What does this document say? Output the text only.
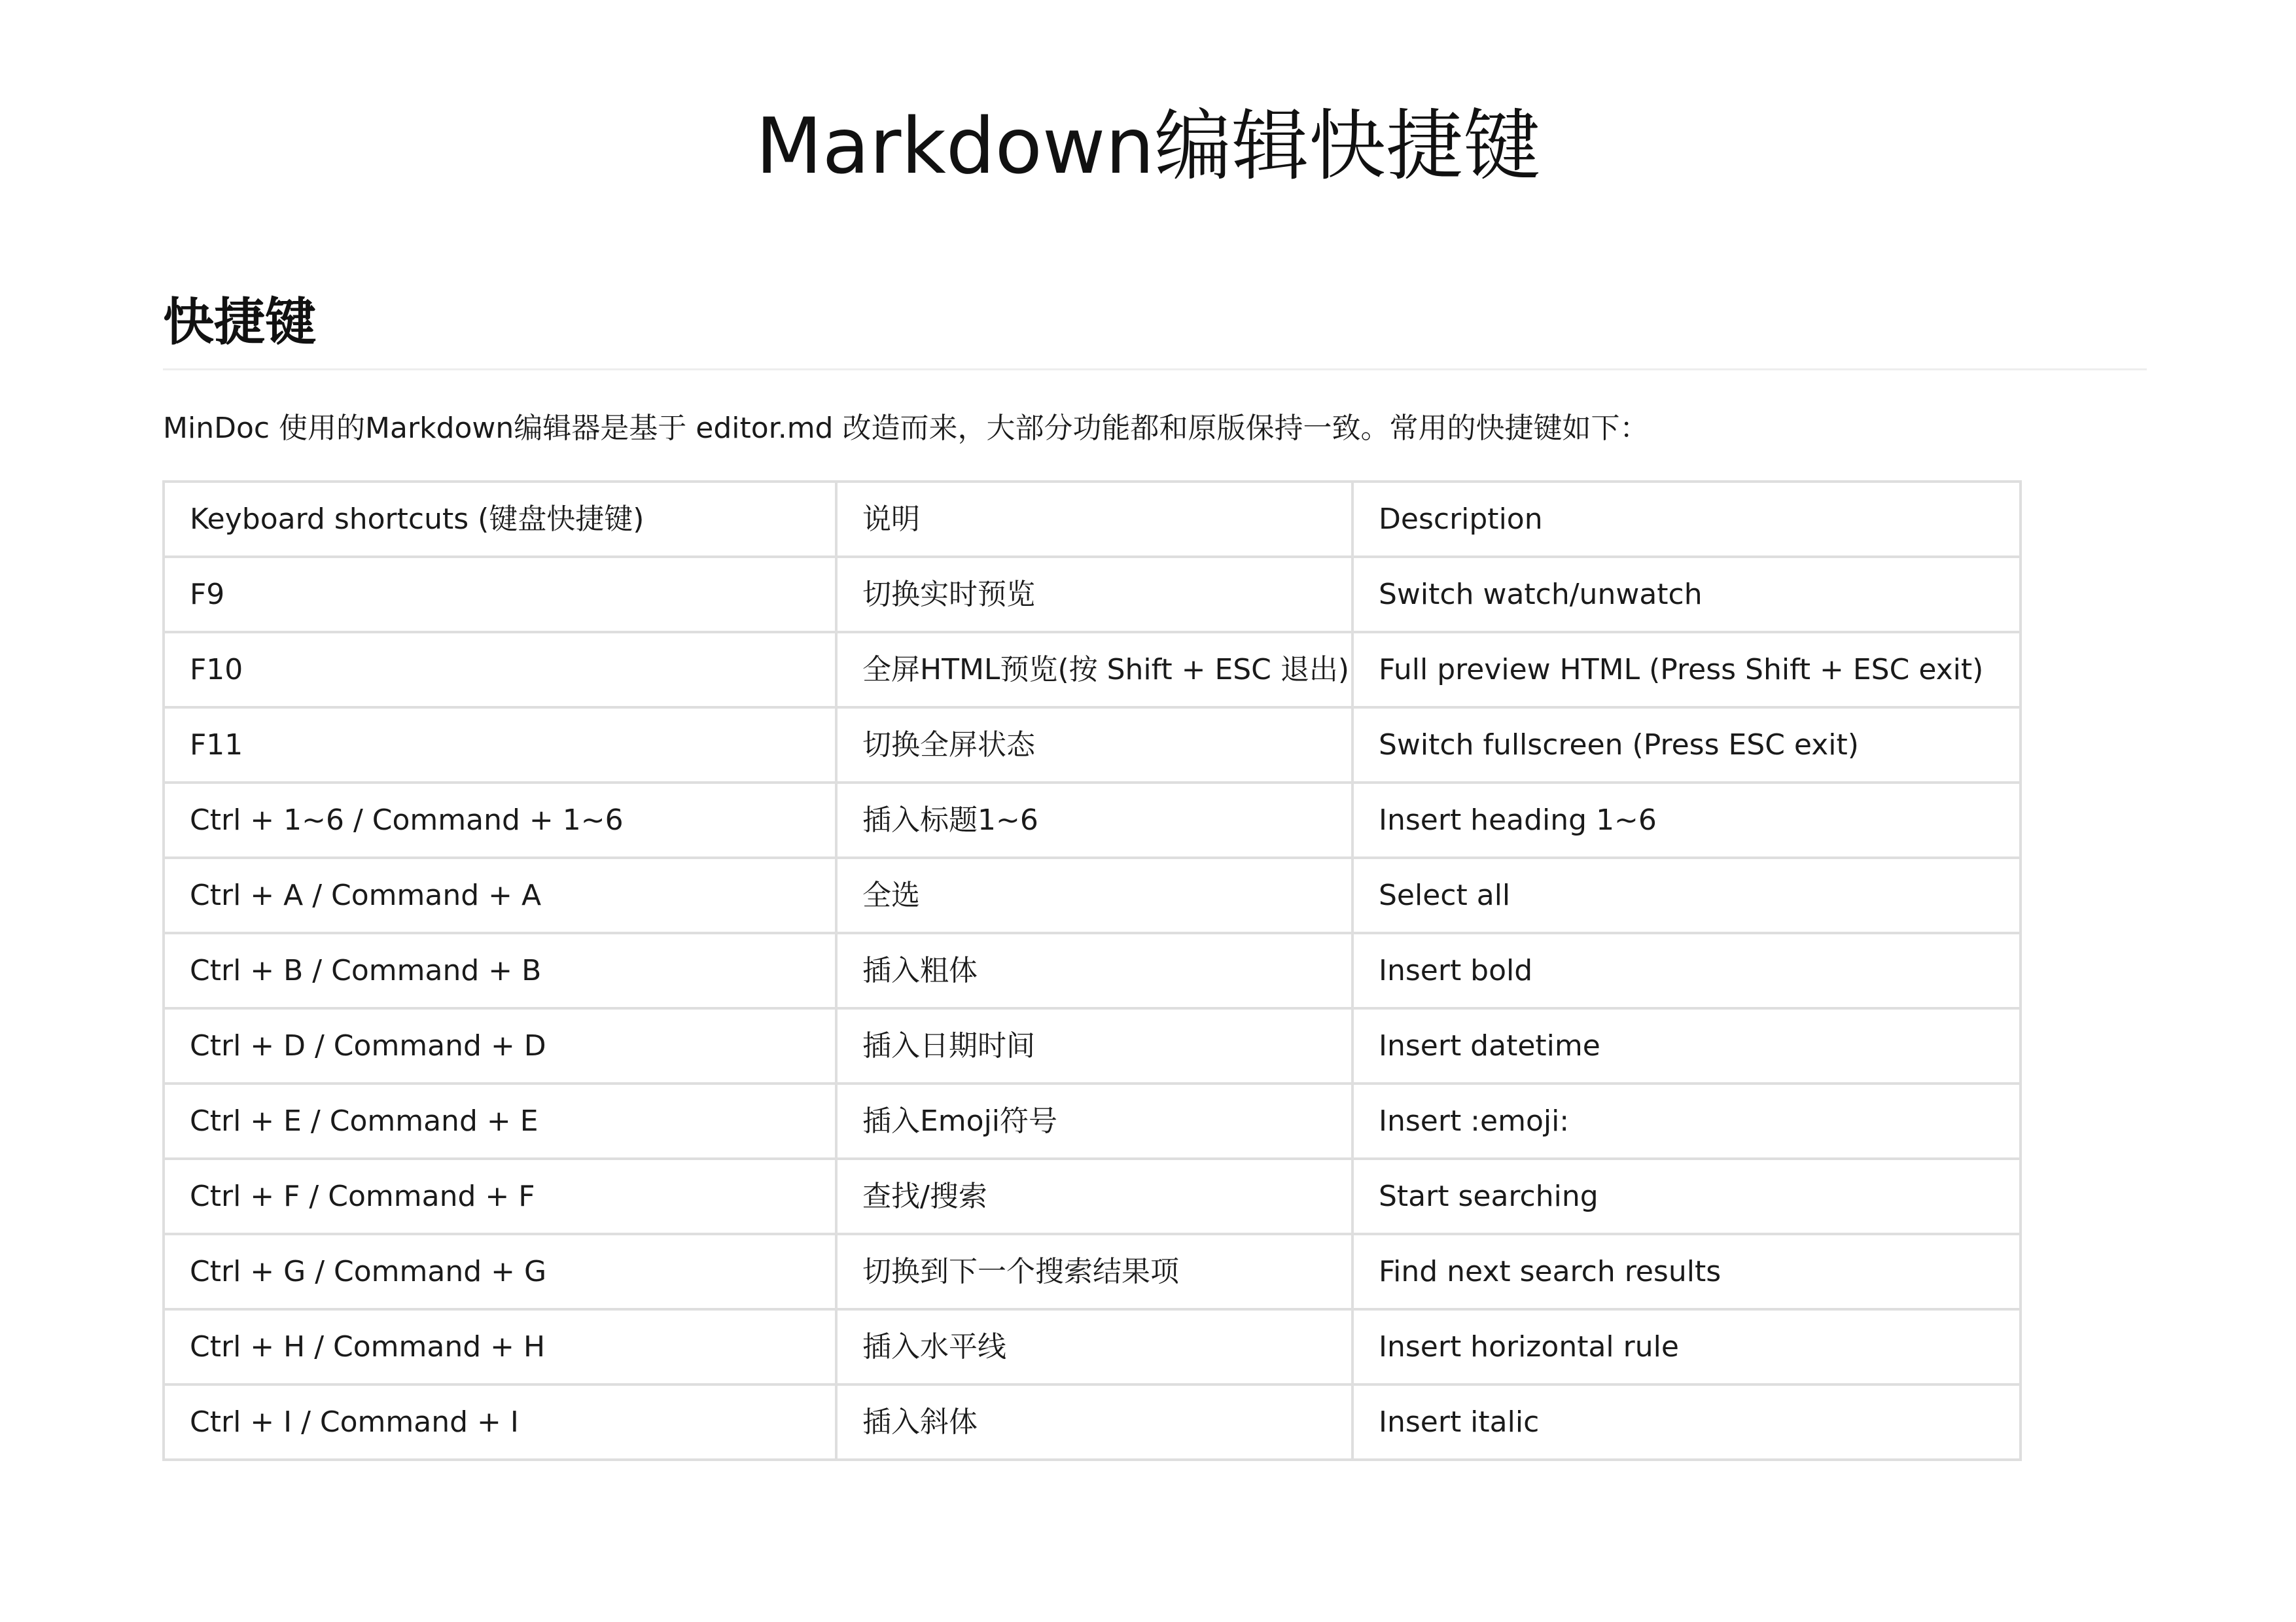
Markdown编辑快捷键
快捷键

MinDoc 使用的Markdown编辑器是基于 editor.md 改造而来，大部分功能都和原版保持一致。常用的快捷键如下：

Keyboard shortcuts (键盘快捷键)	说明	Description
F9	切换实时预览	Switch watch/unwatch
F10	全屏HTML预览(按 Shift + ESC 退出)	Full preview HTML (Press Shift + ESC exit)
F11	切换全屏状态	Switch fullscreen (Press ESC exit)
Ctrl + 1~6 / Command + 1~6	插入标题1~6	Insert heading 1~6
Ctrl + A / Command + A	全选	Select all
Ctrl + B / Command + B	插入粗体	Insert bold
Ctrl + D / Command + D	插入日期时间	Insert datetime
Ctrl + E / Command + E	插入Emoji符号	Insert :emoji:
Ctrl + F / Command + F	查找/搜索	Start searching
Ctrl + G / Command + G	切换到下一个搜索结果项	Find next search results
Ctrl + H / Command + H	插入水平线	Insert horizontal rule
Ctrl + I / Command + I	插入斜体	Insert italic
